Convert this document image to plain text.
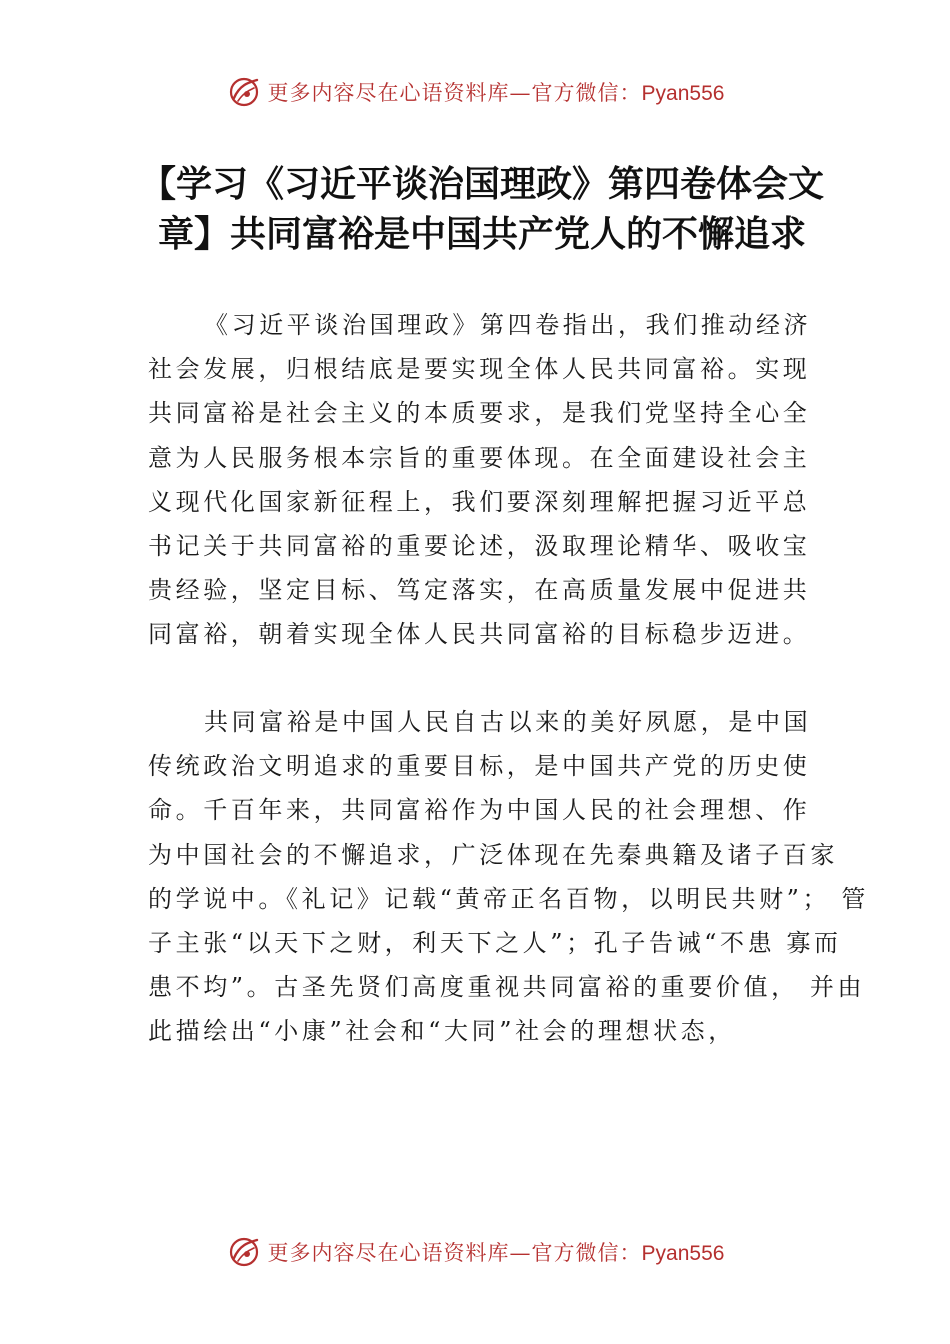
更多内容尽在心语资料库—官方微信：Pyan556
【学习《习近平谈治国理政》第四卷体会文
章】共同富裕是中国共产党人的不懈追求
《习近平谈治国理政》第四卷指出，我们推动经济
社会发展，归根结底是要实现全体人民共同富裕。实现
共同富裕是社会主义的本质要求，是我们党坚持全心全
意为人民服务根本宗旨的重要体现。在全面建设社会主
义现代化国家新征程上，我们要深刻理解把握习近平总
书记关于共同富裕的重要论述，汲取理论精华、吸收宝
贵经验，坚定目标、笃定落实，在高质量发展中促进共
同富裕，朝着实现全体人民共同富裕的目标稳步迈进。
共同富裕是中国人民自古以来的美好夙愿，是中国
传统政治文明追求的重要目标，是中国共产党的历史使
命。千百年来，共同富裕作为中国人民的社会理想、作
为中国社会的不懈追求，广泛体现在先秦典籍及诸子百家
的学说中。《礼记》记载“黄帝正名百物，以明民共财”； 管
子主张“以天下之财，利天下之人”；孔子告诫“不患 寡而
患不均”。古圣先贤们高度重视共同富裕的重要价值， 并由
此描绘出“小康”社会和“大同”社会的理想状态，
更多内容尽在心语资料库—官方微信：Pyan556
